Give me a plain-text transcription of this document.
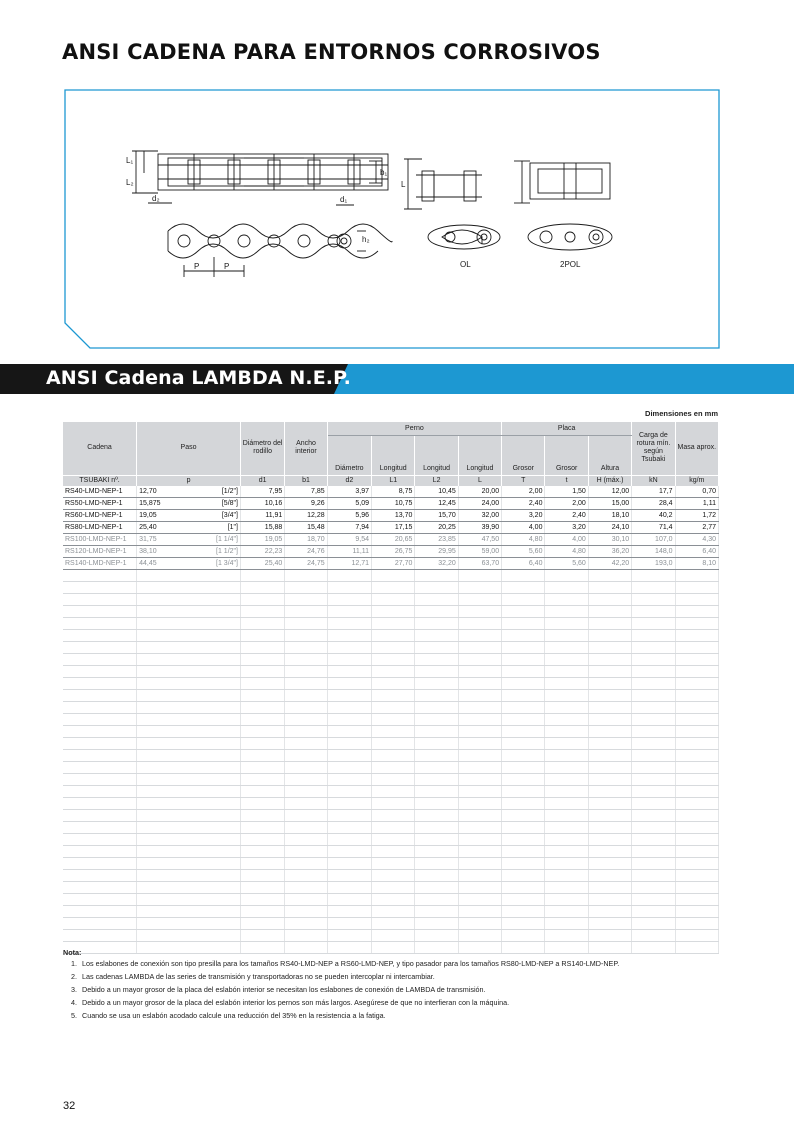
ANSI CADENA PARA ENTORNOS CORROSIVOS
L₁
L₂
b₁
d₂	d₁
h₂
P	P
L
OL	2POL
ANSI Cadena LAMBDA N.E.P.
Dimensiones en mm
Cadena	Paso	Diámetro del rodillo	Ancho interior	Perno				Placa			Carga de rotura mín. según Tsubaki	Masa aprox.
				Diámetro	Longitud	Longitud	Longitud	Grosor	Grosor	Altura		
TSUBAKI nº.	p	d1	b1	d2	L1	L2	L	T	t	H (máx.)	kN	kg/m
RS40-LMD-NEP-1	12,70 [1/2"]	7,95	7,85	3,97	8,75	10,45	20,00	2,00	1,50	12,00	17,7	0,70
RS50-LMD-NEP-1	15,875 [5/8"]	10,16	9,26	5,09	10,75	12,45	24,00	2,40	2,00	15,00	28,4	1,11
RS60-LMD-NEP-1	19,05 [3/4"]	11,91	12,28	5,96	13,70	15,70	32,00	3,20	2,40	18,10	40,2	1,72
RS80-LMD-NEP-1	25,40 [1"]	15,88	15,48	7,94	17,15	20,25	39,90	4,00	3,20	24,10	71,4	2,77
RS100-LMD-NEP-1	31,75 [1 1/4"]	19,05	18,70	9,54	20,65	23,85	47,50	4,80	4,00	30,10	107,0	4,30
RS120-LMD-NEP-1	38,10 [1 1/2"]	22,23	24,76	11,11	26,75	29,95	59,00	5,60	4,80	36,20	148,0	6,40
RS140-LMD-NEP-1	44,45 [1 3/4"]	25,40	24,75	12,71	27,70	32,20	63,70	6,40	5,60	42,20	193,0	8,10

Nota:
1. Los eslabones de conexión son tipo presilla para los tamaños RS40-LMD-NEP a RS60-LMD-NEP, y tipo pasador para los tamaños RS80-LMD-NEP a RS140-LMD-NEP.
2. Las cadenas LAMBDA de las series de transmisión y transportadoras no se pueden intercoplar ni intercambiar.
3. Debido a un mayor grosor de la placa del eslabón interior se necesitan los eslabones de conexión de LAMBDA de transmisión.
4. Debido a un mayor grosor de la placa del eslabón interior los pernos son más largos. Asegúrese de que no interfieran con la máquina.
5. Cuando se usa un eslabón acodado calcule una reducción del 35% en la resistencia a la fatiga.
32
